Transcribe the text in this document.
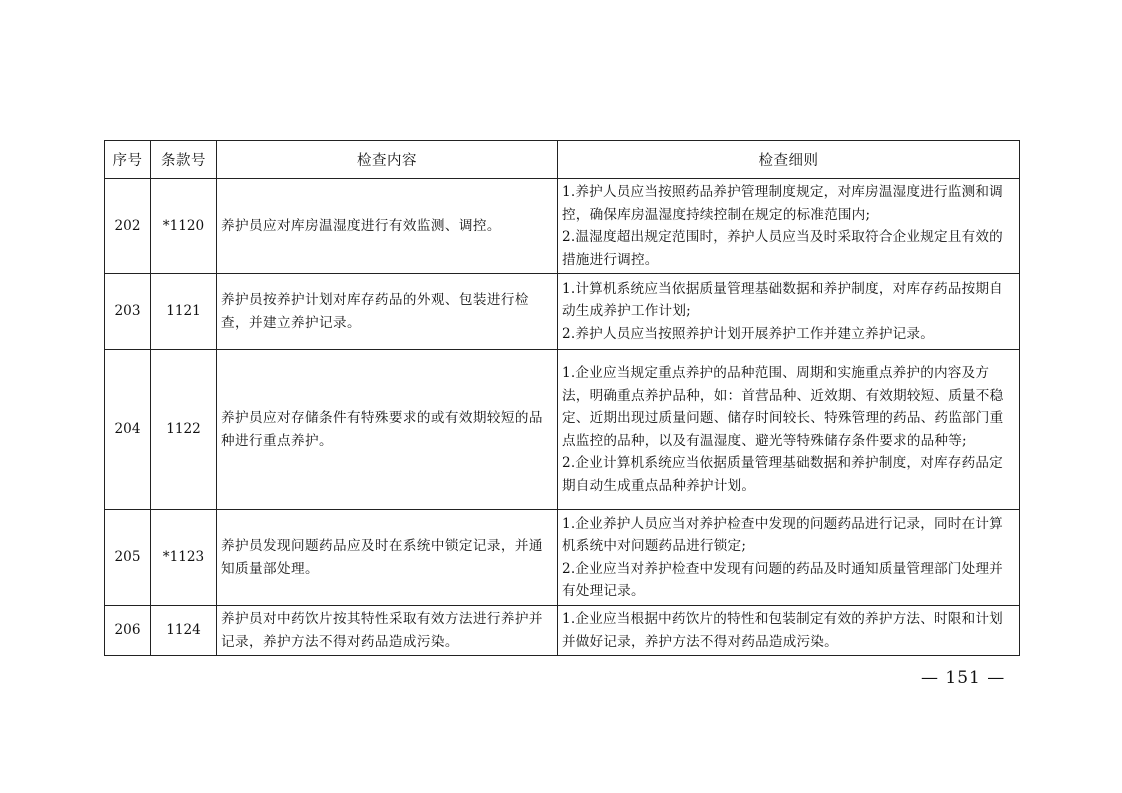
序号	条款号	检查内容	检查细则
202	*1120	养护员应对库房温湿度进行有效监测、调控。	1.养护人员应当按照药品养护管理制度规定，对库房温湿度进行监测和调控，确保库房温湿度持续控制在规定的标准范围内;
2.温湿度超出规定范围时，养护人员应当及时采取符合企业规定且有效的措施进行调控。

203	1121	养护员按养护计划对库存药品的外观、包装进行检查，并建立养护记录。	1.计算机系统应当依据质量管理基础数据和养护制度，对库存药品按期自动生成养护工作计划;
2.养护人员应当按照养护计划开展养护工作并建立养护记录。

204	1122	养护员应对存储条件有特殊要求的或有效期较短的品种进行重点养护。	1.企业应当规定重点养护的品种范围、周期和实施重点养护的内容及方法，明确重点养护品种，如：首营品种、近效期、有效期较短、质量不稳定、近期出现过质量问题、储存时间较长、特殊管理的药品、药监部门重点监控的品种，以及有温湿度、避光等特殊储存条件要求的品种等;
2.企业计算机系统应当依据质量管理基础数据和养护制度，对库存药品定期自动生成重点品种养护计划。

205	*1123	养护员发现问题药品应及时在系统中锁定记录，并通知质量部处理。	1.企业养护人员应当对养护检查中发现的问题药品进行记录，同时在计算机系统中对问题药品进行锁定;
2.企业应当对养护检查中发现有问题的药品及时通知质量管理部门处理并有处理记录。

206	1124	养护员对中药饮片按其特性采取有效方法进行养护并记录，养护方法不得对药品造成污染。	1.企业应当根据中药饮片的特性和包装制定有效的养护方法、时限和计划并做好记录，养护方法不得对药品造成污染。
— 151 —
